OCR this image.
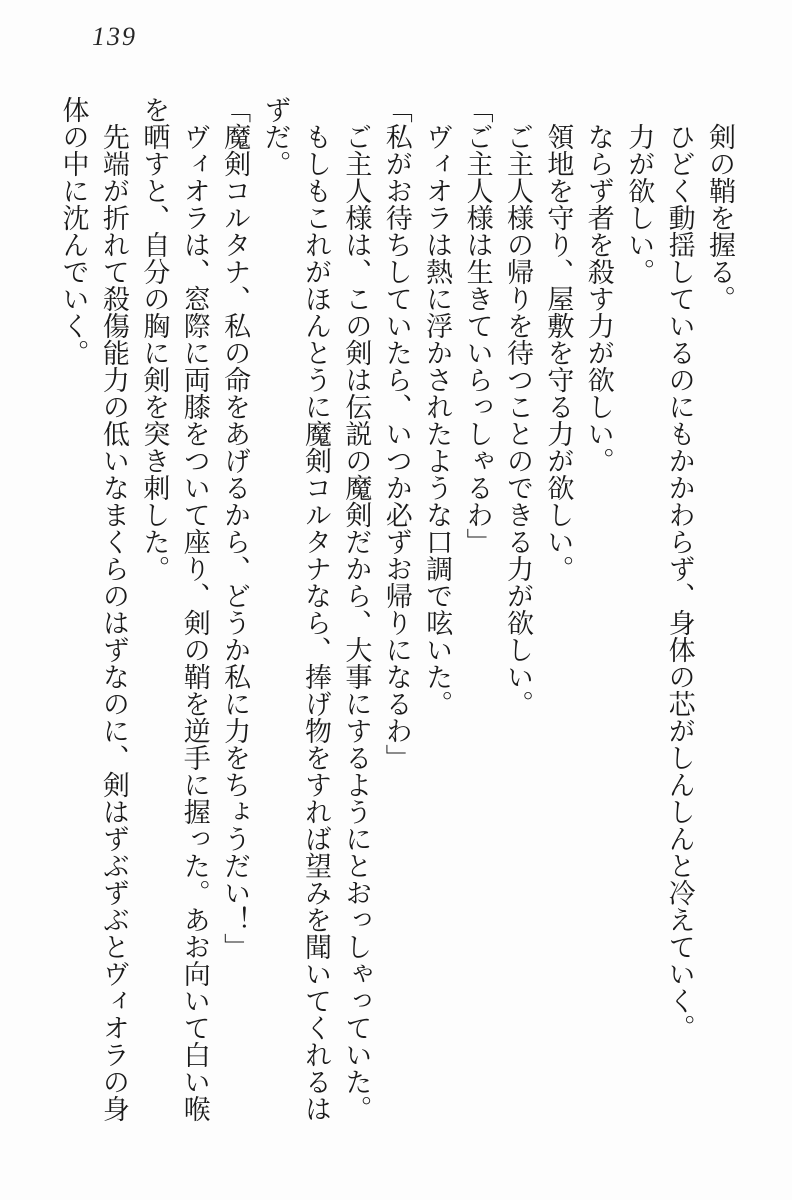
139

剣の鞘を握る。

ひどく動揺しているのにもかかわらず、身体の芯がしんしんと冷えていく。

力が欲しい。

ならず者を殺す力が欲しい。

領地を守り、屋敷を守る力が欲しい。

ご主人様の帰りを待つことのできる力が欲しい。

「ご主人様は生きていらっしゃるわ」

ヴィオラは熱に浮かされたような口調で呟いた。

「私がお待ちしていたら、いつか必ずお帰りになるわ」

ご主人様は、この剣は伝説の魔剣だから、大事にするようにとおっしゃっていた。

もしもこれがほんとうに魔剣コルタナなら、捧げ物をすれば望みを聞いてくれるはずだ。

「魔剣コルタナ、私の命をあげるから、どうか私に力をちょうだい！」

ヴィオラは、窓際に両膝をついて座り、剣の鞘を逆手に握った。あお向いて白い喉を晒すと、自分の胸に剣を突き刺した。

先端が折れて殺傷能力の低いなまくらのはずなのに、剣はずぶずぶとヴィオラの身体の中に沈んでいく。
